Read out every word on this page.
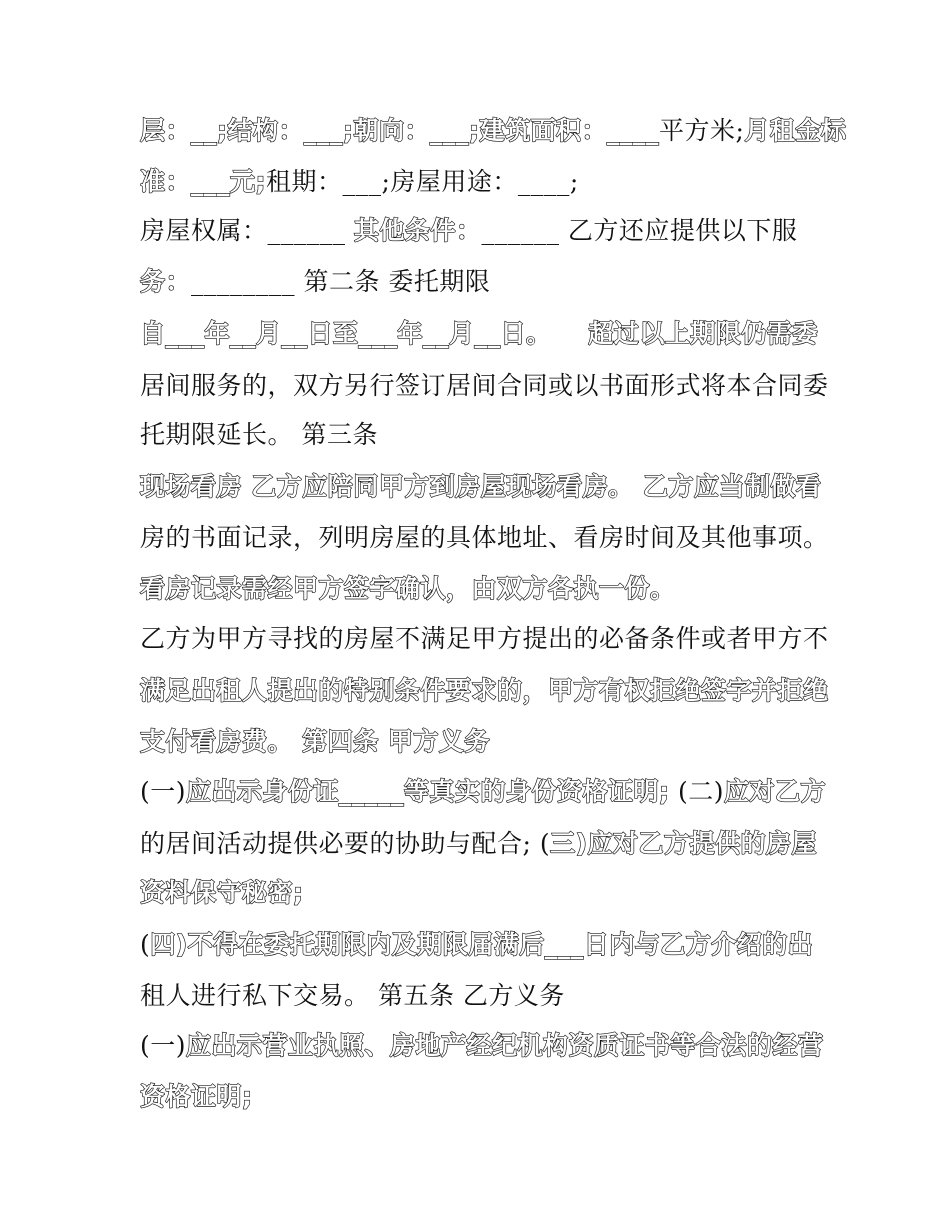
层：__;结构：___;朝向：___;建筑面积：____平方米;月租金标
准：___元;租期：___;房屋用途：____;
房屋权属：______ 其他条件：______ 乙方还应提供以下服
务：________ 第二条 委托期限
自___年__月__日至___年__月__日。    超过以上期限仍需委
居间服务的，双方另行签订居间合同或以书面形式将本合同委
托期限延长。 第三条
现场看房 乙方应陪同甲方到房屋现场看房。 乙方应当制做看
房的书面记录，列明房屋的具体地址、看房时间及其他事项。
看房记录需经甲方签字确认，由双方各执一份。
乙方为甲方寻找的房屋不满足甲方提出的必备条件或者甲方不
满足出租人提出的特别条件要求的，甲方有权拒绝签字并拒绝
支付看房费。 第四条 甲方义务
(一)应出示身份证_____等真实的身份资格证明; (二)应对乙方
的居间活动提供必要的协助与配合; (三)应对乙方提供的房屋
资料保守秘密;
(四)不得在委托期限内及期限届满后___日内与乙方介绍的出
租人进行私下交易。 第五条 乙方义务
(一)应出示营业执照、房地产经纪机构资质证书等合法的经营
资格证明;
